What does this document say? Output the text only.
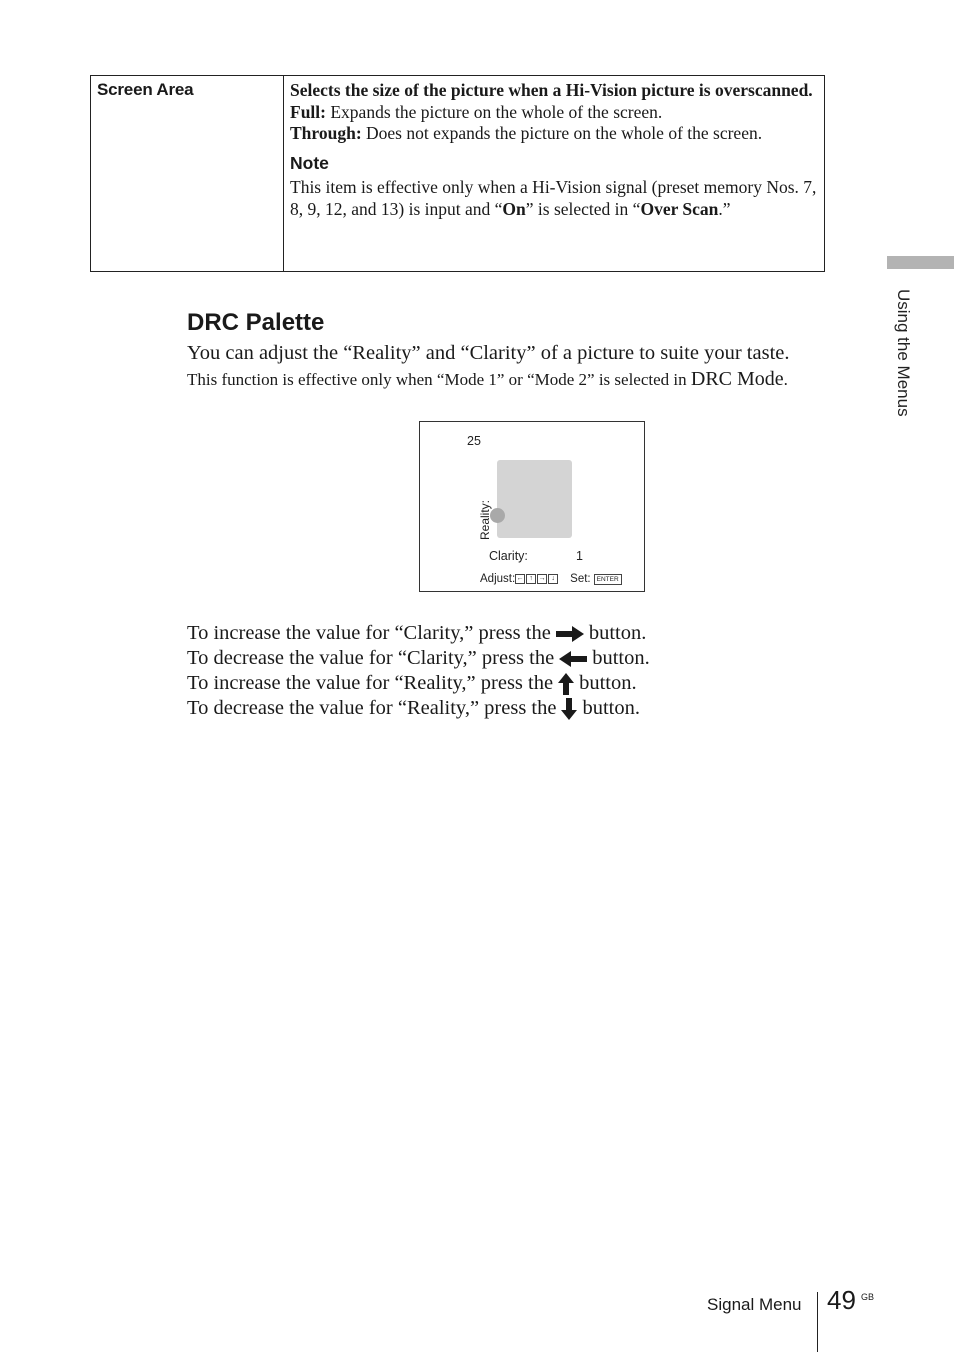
Screen Area	Selects the size of the picture when a Hi-Vision picture is overscanned.
Full: Expands the picture on the whole of the screen.
Through: Does not expands the picture on the whole of the screen.
Note
This item is effective only when a Hi-Vision signal (preset memory Nos. 7, 8, 9, 12, and 13) is input and “On” is selected in “Over Scan.”
Using the Menus
DRC Palette
You can adjust the “Reality” and “Clarity” of a picture to suite your taste.
This function is effective only when “Mode 1” or “Mode 2” is selected in DRC Mode.
25
Reality:
Clarity:	1
Adjust: ← ↑ → ↓ Set: ENTER
To increase the value for “Clarity,” press the button.
To decrease the value for “Clarity,” press the button.
To increase the value for “Reality,” press the button.
To decrease the value for “Reality,” press the button.
Signal Menu 49 GB
